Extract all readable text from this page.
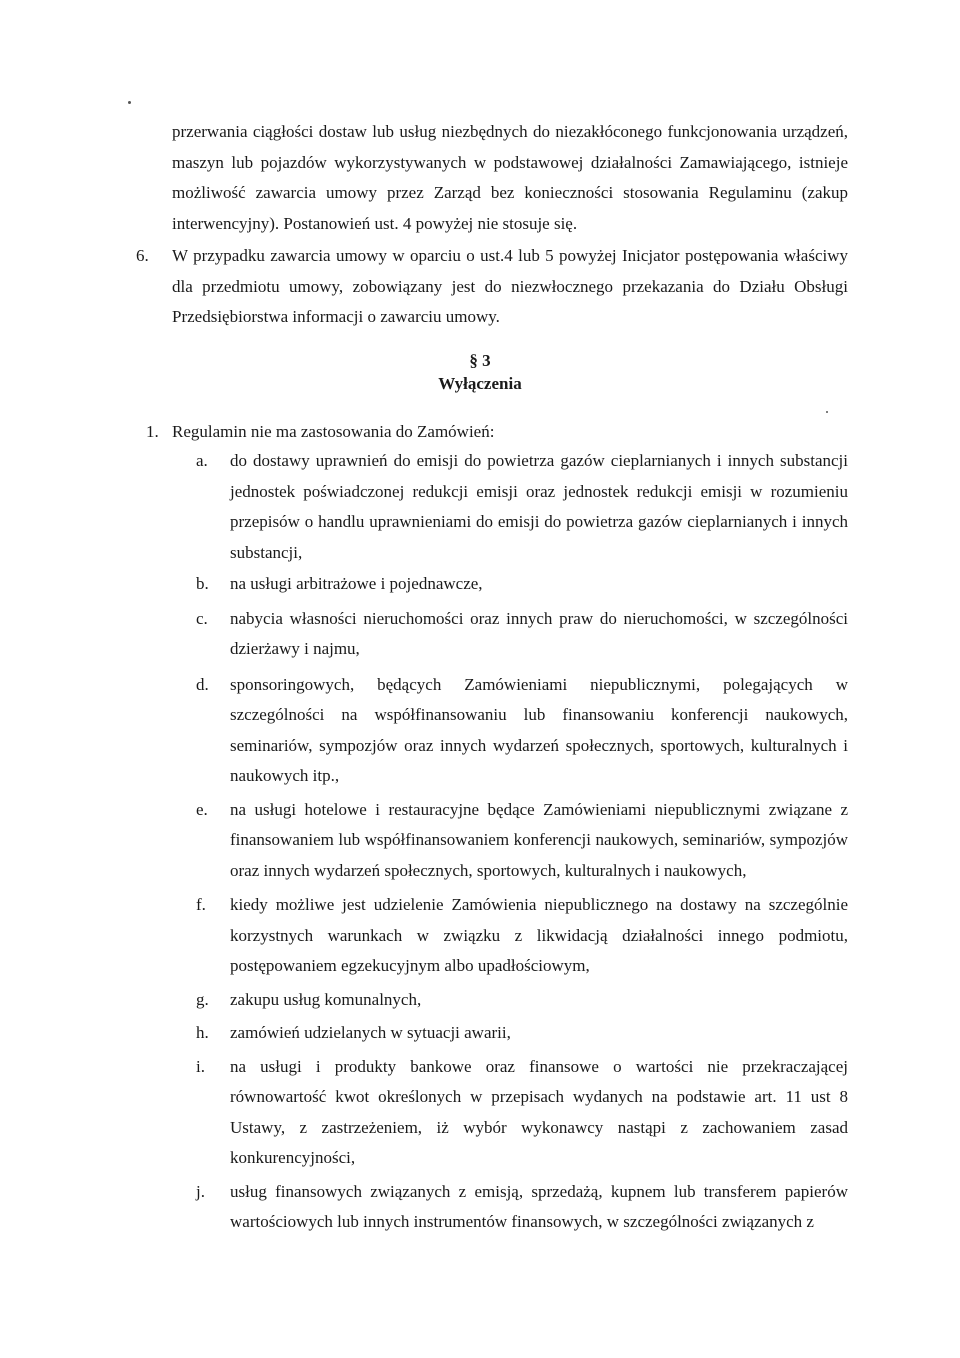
przerwania ciągłości dostaw lub usług niezbędnych do niezakłóconego funkcjonowania urządzeń, maszyn lub pojazdów wykorzystywanych w podstawowej działalności Zamawiającego, istnieje możliwość zawarcia umowy przez Zarząd bez konieczności stosowania Regulaminu (zakup interwencyjny). Postanowień ust. 4 powyżej nie stosuje się.

6. W przypadku zawarcia umowy w oparciu o ust.4 lub 5 powyżej Inicjator postępowania właściwy dla przedmiotu umowy, zobowiązany jest do niezwłocznego przekazania do Działu Obsługi Przedsiębiorstwa informacji o zawarciu umowy.

§ 3
Wyłączenia
1. Regulamin nie ma zastosowania do Zamówień:
a.	do dostawy uprawnień do emisji do powietrza gazów cieplarnianych i innych substancji jednostek poświadczonej redukcji emisji oraz jednostek redukcji emisji w rozumieniu przepisów o handlu uprawnieniami do emisji do powietrza gazów cieplarnianych i innych substancji,
b.	na usługi arbitrażowe i pojednawcze,
c.	nabycia własności nieruchomości oraz innych praw do nieruchomości, w szczególności dzierżawy i najmu,
d.	sponsoringowych, będących Zamówieniami niepublicznymi, polegających w szczególności na współfinansowaniu lub finansowaniu konferencji naukowych, seminariów, sympozjów oraz innych wydarzeń społecznych, sportowych, kulturalnych i naukowych itp.,
e.	na usługi hotelowe i restauracyjne będące Zamówieniami niepublicznymi związane z finansowaniem lub współfinansowaniem konferencji naukowych, seminariów, sympozjów oraz innych wydarzeń społecznych, sportowych, kulturalnych i naukowych,
f.	kiedy możliwe jest udzielenie Zamówienia niepublicznego na dostawy na szczególnie korzystnych warunkach w związku z likwidacją działalności innego podmiotu, postępowaniem egzekucyjnym albo upadłościowym,
g.	zakupu usług komunalnych,
h.	zamówień udzielanych w sytuacji awarii,
i.	na usługi i produkty bankowe oraz finansowe o wartości nie przekraczającej równowartość kwot określonych w przepisach wydanych na podstawie art. 11 ust 8 Ustawy, z zastrzeżeniem, iż wybór wykonawcy nastąpi z zachowaniem zasad konkurencyjności,
j.	usług finansowych związanych z emisją, sprzedażą, kupnem lub transferem papierów wartościowych lub innych instrumentów finansowych, w szczególności związanych z
